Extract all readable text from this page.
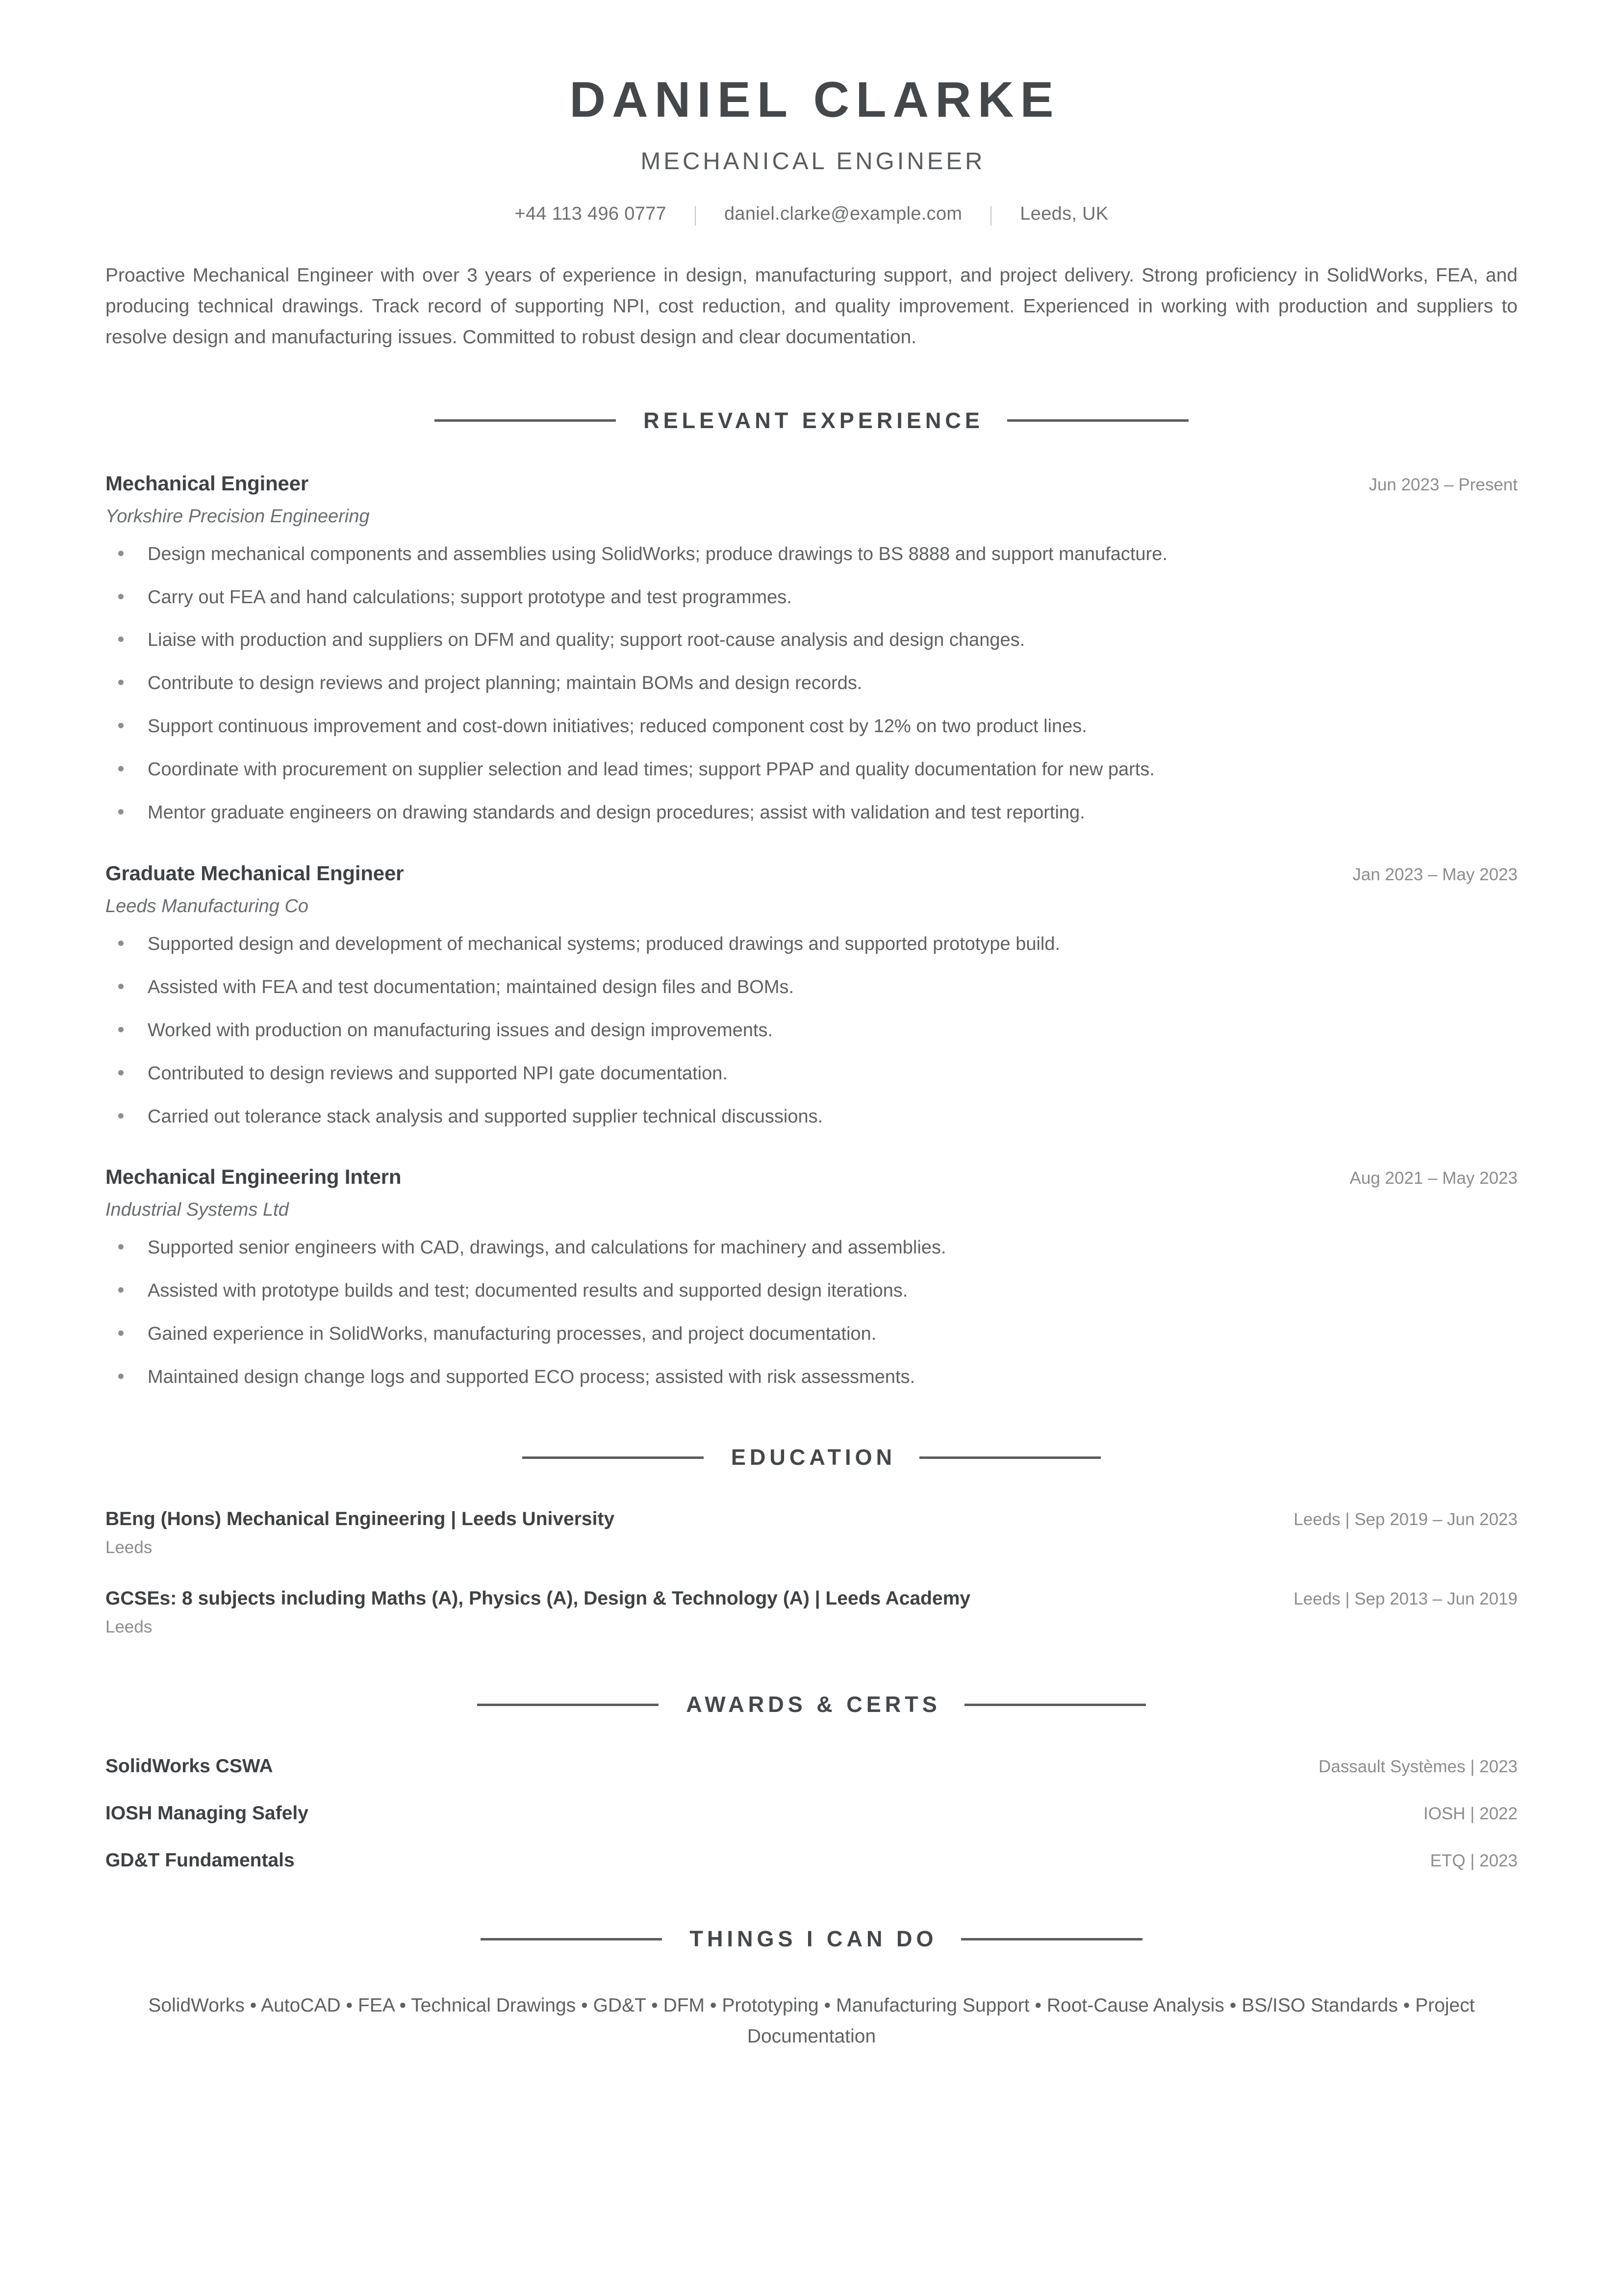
DANIEL CLARKE
MECHANICAL ENGINEER
+44 113 496 0777	daniel.clarke@example.com	Leeds, UK
Proactive Mechanical Engineer with over 3 years of experience in design, manufacturing support, and project delivery. Strong proficiency in SolidWorks, FEA, and producing technical drawings. Track record of supporting NPI, cost reduction, and quality improvement. Experienced in working with production and suppliers to resolve design and manufacturing issues. Committed to robust design and clear documentation.
RELEVANT EXPERIENCE
Mechanical Engineer	Jun 2023 – Present
Yorkshire Precision Engineering
Design mechanical components and assemblies using SolidWorks; produce drawings to BS 8888 and support manufacture.
Carry out FEA and hand calculations; support prototype and test programmes.
Liaise with production and suppliers on DFM and quality; support root-cause analysis and design changes.
Contribute to design reviews and project planning; maintain BOMs and design records.
Support continuous improvement and cost-down initiatives; reduced component cost by 12% on two product lines.
Coordinate with procurement on supplier selection and lead times; support PPAP and quality documentation for new parts.
Mentor graduate engineers on drawing standards and design procedures; assist with validation and test reporting.
Graduate Mechanical Engineer	Jan 2023 – May 2023
Leeds Manufacturing Co
Supported design and development of mechanical systems; produced drawings and supported prototype build.
Assisted with FEA and test documentation; maintained design files and BOMs.
Worked with production on manufacturing issues and design improvements.
Contributed to design reviews and supported NPI gate documentation.
Carried out tolerance stack analysis and supported supplier technical discussions.
Mechanical Engineering Intern	Aug 2021 – May 2023
Industrial Systems Ltd
Supported senior engineers with CAD, drawings, and calculations for machinery and assemblies.
Assisted with prototype builds and test; documented results and supported design iterations.
Gained experience in SolidWorks, manufacturing processes, and project documentation.
Maintained design change logs and supported ECO process; assisted with risk assessments.
EDUCATION
BEng (Hons) Mechanical Engineering | Leeds University	Leeds | Sep 2019 – Jun 2023
Leeds
GCSEs: 8 subjects including Maths (A), Physics (A), Design & Technology (A) | Leeds Academy	Leeds | Sep 2013 – Jun 2019
Leeds
AWARDS & CERTS
SolidWorks CSWA	Dassault Systèmes | 2023
IOSH Managing Safely	IOSH | 2022
GD&T Fundamentals	ETQ | 2023
THINGS I CAN DO
SolidWorks • AutoCAD • FEA • Technical Drawings • GD&T • DFM • Prototyping • Manufacturing Support • Root-Cause Analysis • BS/ISO Standards • Project Documentation
